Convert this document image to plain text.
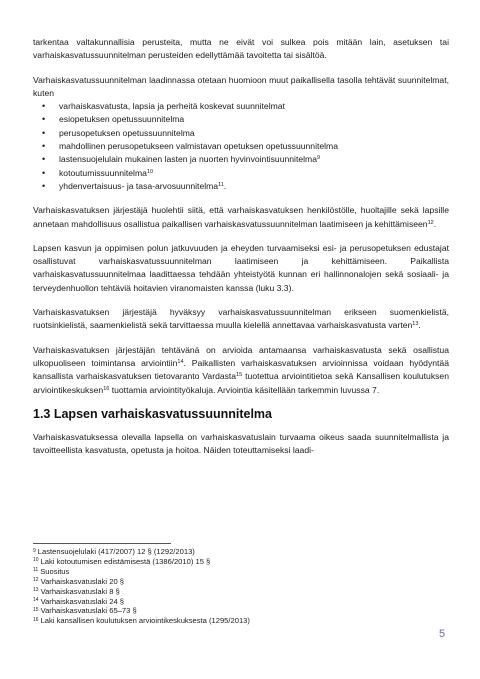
tarkentaa valtakunnallisia perusteita, mutta ne eivät voi sulkea pois mitään lain, asetuksen tai varhaiskasvatussuunnitelman perusteiden edellyttämää tavoitetta tai sisältöä.

Varhaiskasvatussuunnitelman laadinnassa otetaan huomioon muut paikallisella tasolla tehtävät suunnitelmat, kuten

• varhaiskasvatusta, lapsia ja perheitä koskevat suunnitelmat
• esiopetuksen opetussuunnitelma
• perusopetuksen opetussuunnitelma
• mahdollinen perusopetukseen valmistavan opetuksen opetussuunnitelma
• lastensuojelulain mukainen lasten ja nuorten hyvinvointisuunnitelma$^9$
• kotoutumissuunnitelma$^{10}$
• yhdenvertaisuus- ja tasa-arvosuunnitelma$^{11}$.

Varhaiskasvatuksen järjestäjä huolehtii siitä, että varhaiskasvatuksen henkilöstölle, huoltajille sekä lapsille annetaan mahdollisuus osallistua paikallisen varhaiskasvatussuunnitelman laatimiseen ja kehittämiseen$^{12}$.

Lapsen kasvun ja oppimisen polun jatkuvuuden ja eheyden turvaamiseksi esi- ja perusopetuksen edustajat osallistuvat varhaiskasvatussuunnitelman laatimiseen ja kehittämiseen. Paikallista varhaiskasvatussuunnitelmaa laadittaessa tehdään yhteistyötä kunnan eri hallinnonalojen sekä sosiaali- ja terveydenhuollon tehtäviä hoitavien viranomaisten kanssa (luku 3.3).

Varhaiskasvatuksen järjestäjä hyväksyy varhaiskasvatussuunnitelman erikseen suomenkielistä, ruotsinkielistä, saamenkielistä sekä tarvittaessa muulla kielellä annettavaa varhaiskasvatusta varten$^{13}$.

Varhaiskasvatuksen järjestäjän tehtävänä on arvioida antamaansa varhaiskasvatusta sekä osallistua ulkopuoliseen toimintansa arviointiin$^{14}$. Paikallisten varhaiskasvatuksen arvioinnissa voidaan hyödyntää kansallista varhaiskasvatuksen tietovaranto Vardasta$^{15}$ tuotettua arviointitietoa sekä Kansallisen koulutuksen arviointikeskuksen$^{16}$ tuottamia arviointityökaluja. Arviointia käsitellään tarkemmin luvussa 7.

1.3 Lapsen varhaiskasvatussuunnitelma

Varhaiskasvatuksessa olevalla lapsella on varhaiskasvatuslain turvaama oikeus saada suunnitelmallista ja tavoitteellista kasvatusta, opetusta ja hoitoa. Näiden toteuttamiseksi laadi-

$^9$ Lastensuojelulaki (417/2007) 12 § (1292/2013)
$^{10}$ Laki kotoutumisen edistämisestä (1386/2010) 15 §
$^{11}$ Suositus
$^{12}$ Varhaiskasvatuslaki 20 §
$^{13}$ Varhaiskasvatuslaki 8 §
$^{14}$ Varhaiskasvatuslaki 24 §
$^{15}$ Varhaiskasvatuslaki 65–73 §
$^{16}$ Laki kansallisen koulutuksen arviointikeskuksesta (1295/2013)
5
